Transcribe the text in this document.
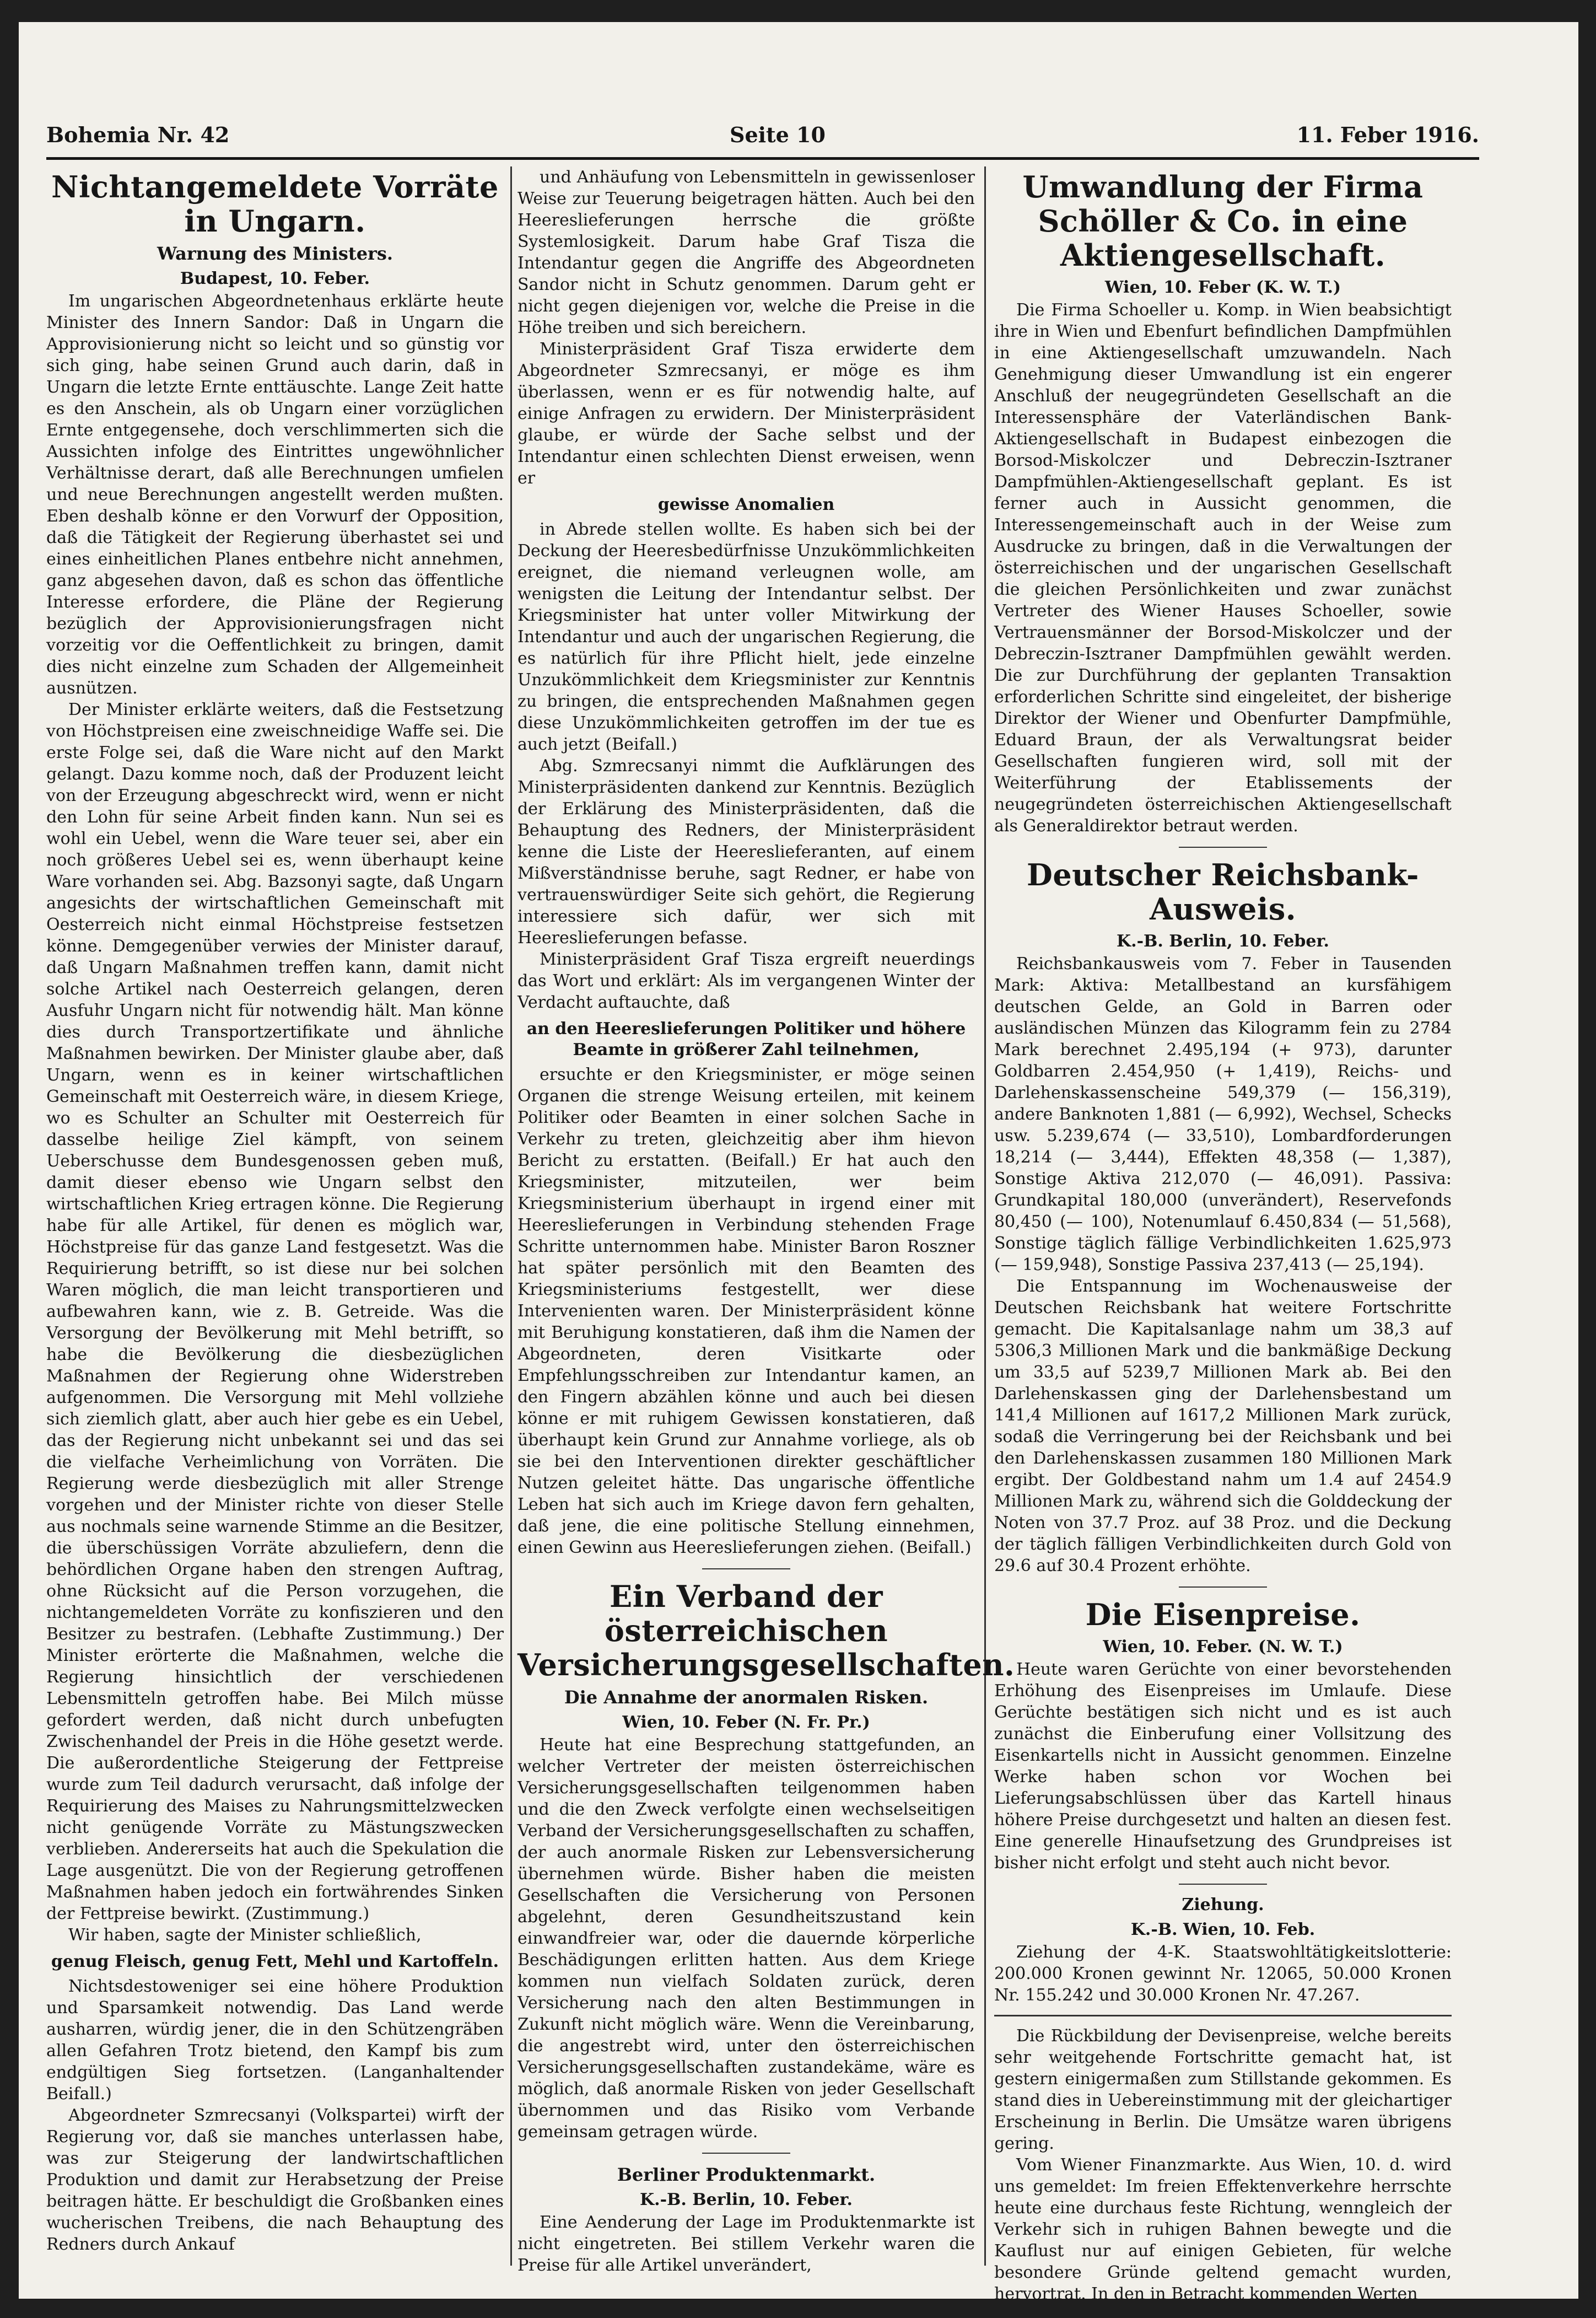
Bohemia Nr. 42	Seite 10	11. Feber 1916.
Nichtangemeldete Vorräte in Ungarn.
Warnung des Ministers.
Budapest, 10. Feber.

Im ungarischen Abgeordnetenhaus erklärte heute Minister des Innern Sandor: Daß in Ungarn die Approvisionierung nicht so leicht und so günstig vor sich ging, habe seinen Grund auch darin, daß in Ungarn die letzte Ernte enttäuschte. Lange Zeit hatte es den Anschein, als ob Ungarn einer vorzüglichen Ernte entgegensehe, doch verschlimmerten sich die Aussichten infolge des Eintrittes ungewöhnlicher Verhältnisse derart, daß alle Berechnungen umfielen und neue Berechnungen angestellt werden mußten. Eben deshalb könne er den Vorwurf der Opposition, daß die Tätigkeit der Regierung überhastet sei und eines einheitlichen Planes entbehre nicht annehmen, ganz abgesehen davon, daß es schon das öffentliche Interesse erfordere, die Pläne der Regierung bezüglich der Approvisionierungsfragen nicht vorzeitig vor die Oeffentlichkeit zu bringen, damit dies nicht einzelne zum Schaden der Allgemeinheit ausnützen.

Der Minister erklärte weiters, daß die Festsetzung von Höchstpreisen eine zweischneidige Waffe sei. Die erste Folge sei, daß die Ware nicht auf den Markt gelangt. Dazu komme noch, daß der Produzent leicht von der Erzeugung abgeschreckt wird, wenn er nicht den Lohn für seine Arbeit finden kann. Nun sei es wohl ein Uebel, wenn die Ware teuer sei, aber ein noch größeres Uebel sei es, wenn überhaupt keine Ware vorhanden sei. Abg. Bazsonyi sagte, daß Ungarn angesichts der wirtschaftlichen Gemeinschaft mit Oesterreich nicht einmal Höchstpreise festsetzen könne. Demgegenüber verwies der Minister darauf, daß Ungarn Maßnahmen treffen kann, damit nicht solche Artikel nach Oesterreich gelangen, deren Ausfuhr Ungarn nicht für notwendig hält. Man könne dies durch Transportzertifikate und ähnliche Maßnahmen bewirken. Der Minister glaube aber, daß Ungarn, wenn es in keiner wirtschaftlichen Gemeinschaft mit Oesterreich wäre, in diesem Kriege, wo es Schulter an Schulter mit Oesterreich für dasselbe heilige Ziel kämpft, von seinem Ueberschusse dem Bundesgenossen geben muß, damit dieser ebenso wie Ungarn selbst den wirtschaftlichen Krieg ertragen könne. Die Regierung habe für alle Artikel, für denen es möglich war, Höchstpreise für das ganze Land festgesetzt. Was die Requirierung betrifft, so ist diese nur bei solchen Waren möglich, die man leicht transportieren und aufbewahren kann, wie z. B. Getreide. Was die Versorgung der Bevölkerung mit Mehl betrifft, so habe die Bevölkerung die diesbezüglichen Maßnahmen der Regierung ohne Widerstreben aufgenommen. Die Versorgung mit Mehl vollziehe sich ziemlich glatt, aber auch hier gebe es ein Uebel, das der Regierung nicht unbekannt sei und das sei die vielfache Verheimlichung von Vorräten. Die Regierung werde diesbezüglich mit aller Strenge vorgehen und der Minister richte von dieser Stelle aus nochmals seine warnende Stimme an die Besitzer, die überschüssigen Vorräte abzuliefern, denn die behördlichen Organe haben den strengen Auftrag, ohne Rücksicht auf die Person vorzugehen, die nichtangemeldeten Vorräte zu konfiszieren und den Besitzer zu bestrafen. (Lebhafte Zustimmung.) Der Minister erörterte die Maßnahmen, welche die Regierung hinsichtlich der verschiedenen Lebensmitteln getroffen habe. Bei Milch müsse gefordert werden, daß nicht durch unbefugten Zwischenhandel der Preis in die Höhe gesetzt werde. Die außerordentliche Steigerung der Fettpreise wurde zum Teil dadurch verursacht, daß infolge der Requirierung des Maises zu Nahrungsmittelzwecken nicht genügende Vorräte zu Mästungszwecken verblieben. Andererseits hat auch die Spekulation die Lage ausgenützt. Die von der Regierung getroffenen Maßnahmen haben jedoch ein fortwährendes Sinken der Fettpreise bewirkt. (Zustimmung.)

Wir haben, sagte der Minister schließlich,

genug Fleisch, genug Fett, Mehl und Kartoffeln.

Nichtsdestoweniger sei eine höhere Produktion und Sparsamkeit notwendig. Das Land werde ausharren, würdig jener, die in den Schützengräben allen Gefahren Trotz bietend, den Kampf bis zum endgültigen Sieg fortsetzen. (Langanhaltender Beifall.)

Abgeordneter Szmrecsanyi (Volkspartei) wirft der Regierung vor, daß sie manches unterlassen habe, was zur Steigerung der landwirtschaftlichen Produktion und damit zur Herabsetzung der Preise beitragen hätte. Er beschuldigt die Großbanken eines wucherischen Treibens, die nach Behauptung des Redners durch Ankauf

und Anhäufung von Lebensmitteln in gewissenloser Weise zur Teuerung beigetragen hätten. Auch bei den Heereslieferungen herrsche die größte Systemlosigkeit. Darum habe Graf Tisza die Intendantur gegen die Angriffe des Abgeordneten Sandor nicht in Schutz genommen. Darum geht er nicht gegen diejenigen vor, welche die Preise in die Höhe treiben und sich bereichern.

Ministerpräsident Graf Tisza erwiderte dem Abgeordneter Szmrecsanyi, er möge es ihm überlassen, wenn er es für notwendig halte, auf einige Anfragen zu erwidern. Der Ministerpräsident glaube, er würde der Sache selbst und der Intendantur einen schlechten Dienst erweisen, wenn er

gewisse Anomalien

in Abrede stellen wollte. Es haben sich bei der Deckung der Heeresbedürfnisse Unzukömmlichkeiten ereignet, die niemand verleugnen wolle, am wenigsten die Leitung der Intendantur selbst. Der Kriegsminister hat unter voller Mitwirkung der Intendantur und auch der ungarischen Regierung, die es natürlich für ihre Pflicht hielt, jede einzelne Unzukömmlichkeit dem Kriegsminister zur Kenntnis zu bringen, die entsprechenden Maßnahmen gegen diese Unzukömmlichkeiten getroffen im der tue es auch jetzt (Beifall.)

Abg. Szmrecsanyi nimmt die Aufklärungen des Ministerpräsidenten dankend zur Kenntnis. Bezüglich der Erklärung des Ministerpräsidenten, daß die Behauptung des Redners, der Ministerpräsident kenne die Liste der Heereslieferanten, auf einem Mißverständnisse beruhe, sagt Redner, er habe von vertrauenswürdiger Seite sich gehört, die Regierung interessiere sich dafür, wer sich mit Heereslieferungen befasse.

Ministerpräsident Graf Tisza ergreift neuerdings das Wort und erklärt: Als im vergangenen Winter der Verdacht auftauchte, daß

an den Heereslieferungen Politiker und höhere Beamte in größerer Zahl teilnehmen,

ersuchte er den Kriegsminister, er möge seinen Organen die strenge Weisung erteilen, mit keinem Politiker oder Beamten in einer solchen Sache in Verkehr zu treten, gleichzeitig aber ihm hievon Bericht zu erstatten. (Beifall.) Er hat auch den Kriegsminister, mitzuteilen, wer beim Kriegsministerium überhaupt in irgend einer mit Heereslieferungen in Verbindung stehenden Frage Schritte unternommen habe. Minister Baron Roszner hat später persönlich mit den Beamten des Kriegsministeriums festgestellt, wer diese Intervenienten waren. Der Ministerpräsident könne mit Beruhigung konstatieren, daß ihm die Namen der Abgeordneten, deren Visitkarte oder Empfehlungsschreiben zur Intendantur kamen, an den Fingern abzählen könne und auch bei diesen könne er mit ruhigem Gewissen konstatieren, daß überhaupt kein Grund zur Annahme vorliege, als ob sie bei den Interventionen direkter geschäftlicher Nutzen geleitet hätte. Das ungarische öffentliche Leben hat sich auch im Kriege davon fern gehalten, daß jene, die eine politische Stellung einnehmen, einen Gewinn aus Heereslieferungen ziehen. (Beifall.)

Ein Verband der österreichischen Versicherungsgesellschaften.
Die Annahme der anormalen Risken.
Wien, 10. Feber (N. Fr. Pr.)

Heute hat eine Besprechung stattgefunden, an welcher Vertreter der meisten österreichischen Versicherungsgesellschaften teilgenommen haben und die den Zweck verfolgte einen wechselseitigen Verband der Versicherungsgesellschaften zu schaffen, der auch anormale Risken zur Lebensversicherung übernehmen würde. Bisher haben die meisten Gesellschaften die Versicherung von Personen abgelehnt, deren Gesundheitszustand kein einwandfreier war, oder die dauernde körperliche Beschädigungen erlitten hatten. Aus dem Kriege kommen nun vielfach Soldaten zurück, deren Versicherung nach den alten Bestimmungen in Zukunft nicht möglich wäre. Wenn die Vereinbarung, die angestrebt wird, unter den österreichischen Versicherungsgesellschaften zustandekäme, wäre es möglich, daß anormale Risken von jeder Gesellschaft übernommen und das Risiko vom Verbande gemeinsam getragen würde.

Berliner Produktenmarkt.
K.-B. Berlin, 10. Feber.

Eine Aenderung der Lage im Produktenmarkte ist nicht eingetreten. Bei stillem Verkehr waren die Preise für alle Artikel unverändert,

Umwandlung der Firma Schöller & Co. in eine Aktiengesellschaft.
Wien, 10. Feber (K. W. T.)

Die Firma Schoeller u. Komp. in Wien beabsichtigt ihre in Wien und Ebenfurt befindlichen Dampfmühlen in eine Aktiengesellschaft umzuwandeln. Nach Genehmigung dieser Umwandlung ist ein engerer Anschluß der neugegründeten Gesellschaft an die Interessensphäre der Vaterländischen Bank-Aktiengesellschaft in Budapest einbezogen die Borsod-Miskolczer und Debreczin-Isztraner Dampfmühlen-Aktiengesellschaft geplant. Es ist ferner auch in Aussicht genommen, die Interessengemeinschaft auch in der Weise zum Ausdrucke zu bringen, daß in die Verwaltungen der österreichischen und der ungarischen Gesellschaft die gleichen Persönlichkeiten und zwar zunächst Vertreter des Wiener Hauses Schoeller, sowie Vertrauensmänner der Borsod-Miskolczer und der Debreczin-Isztraner Dampfmühlen gewählt werden. Die zur Durchführung der geplanten Transaktion erforderlichen Schritte sind eingeleitet, der bisherige Direktor der Wiener und Obenfurter Dampfmühle, Eduard Braun, der als Verwaltungsrat beider Gesellschaften fungieren wird, soll mit der Weiterführung der Etablissements der neugegründeten österreichischen Aktiengesellschaft als Generaldirektor betraut werden.

Deutscher Reichsbank-Ausweis.
K.-B. Berlin, 10. Feber.

Reichsbankausweis vom 7. Feber in Tausenden Mark: Aktiva: Metallbestand an kursfähigem deutschen Gelde, an Gold in Barren oder ausländischen Münzen das Kilogramm fein zu 2784 Mark berechnet 2.495,194 (+ 973), darunter Goldbarren 2.454,950 (+ 1,419), Reichs- und Darlehenskassenscheine 549,379 (— 156,319), andere Banknoten 1,881 (— 6,992), Wechsel, Schecks usw. 5.239,674 (— 33,510), Lombardforderungen 18,214 (— 3,444), Effekten 48,358 (— 1,387), Sonstige Aktiva 212,070 (— 46,091). Passiva: Grundkapital 180,000 (unverändert), Reservefonds 80,450 (— 100), Notenumlauf 6.450,834 (— 51,568), Sonstige täglich fällige Verbindlichkeiten 1.625,973 (— 159,948), Sonstige Passiva 237,413 (— 25,194).

Die Entspannung im Wochenausweise der Deutschen Reichsbank hat weitere Fortschritte gemacht. Die Kapitalsanlage nahm um 38,3 auf 5306,3 Millionen Mark und die bankmäßige Deckung um 33,5 auf 5239,7 Millionen Mark ab. Bei den Darlehenskassen ging der Darlehensbestand um 141,4 Millionen auf 1617,2 Millionen Mark zurück, sodaß die Verringerung bei der Reichsbank und bei den Darlehenskassen zusammen 180 Millionen Mark ergibt. Der Goldbestand nahm um 1.4 auf 2454.9 Millionen Mark zu, während sich die Golddeckung der Noten von 37.7 Proz. auf 38 Proz. und die Deckung der täglich fälligen Verbindlichkeiten durch Gold von 29.6 auf 30.4 Prozent erhöhte.

Die Eisenpreise.
Wien, 10. Feber. (N. W. T.)

Heute waren Gerüchte von einer bevorstehenden Erhöhung des Eisenpreises im Umlaufe. Diese Gerüchte bestätigen sich nicht und es ist auch zunächst die Einberufung einer Vollsitzung des Eisenkartells nicht in Aussicht genommen. Einzelne Werke haben schon vor Wochen bei Lieferungsabschlüssen über das Kartell hinaus höhere Preise durchgesetzt und halten an diesen fest. Eine generelle Hinaufsetzung des Grundpreises ist bisher nicht erfolgt und steht auch nicht bevor.

Ziehung.
K.-B. Wien, 10. Feb.

Ziehung der 4-K. Staatswohltätigkeitslotterie: 200.000 Kronen gewinnt Nr. 12065, 50.000 Kronen Nr. 155.242 und 30.000 Kronen Nr. 47.267.

Die Rückbildung der Devisenpreise, welche bereits sehr weitgehende Fortschritte gemacht hat, ist gestern einigermaßen zum Stillstande gekommen. Es stand dies in Uebereinstimmung mit der gleichartiger Erscheinung in Berlin. Die Umsätze waren übrigens gering.

Vom Wiener Finanzmarkte. Aus Wien, 10. d. wird uns gemeldet: Im freien Effektenverkehre herrschte heute eine durchaus feste Richtung, wenngleich der Verkehr sich in ruhigen Bahnen bewegte und die Kauflust nur auf einigen Gebieten, für welche besondere Gründe geltend gemacht wurden, hervortrat. In den in Betracht kommenden Werten
